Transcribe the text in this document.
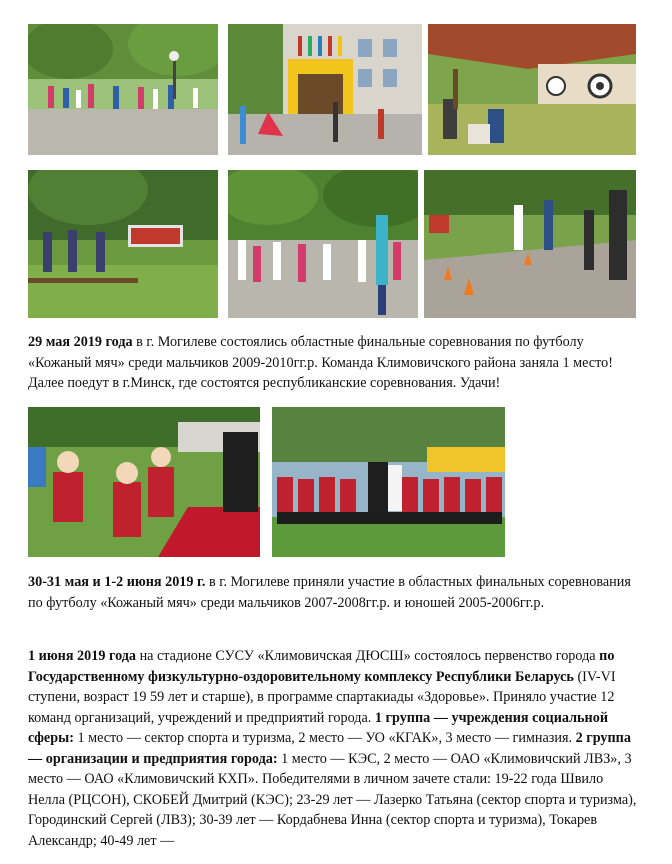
29 мая 2019 года в г. Могилеве состоялись областные финальные соревнования по футболу «Кожаный мяч» среди мальчиков 2009-2010гг.р. Команда Климовичского района заняла 1 место! Далее поедут в г.Минск, где состоятся республиканские соревнования. Удачи!

30-31 мая и 1-2 июня 2019 г. в г. Могилеве приняли участие в областных финальных соревнования по футболу «Кожаный мяч» среди мальчиков 2007-2008гг.р. и юношей 2005-2006гг.р.

1 июня 2019 года на стадионе СУСУ «Климовичская ДЮСШ» состоялось первенство города по Государственному физкультурно-оздоровительному комплексу Республики Беларусь (IV-VI ступени, возраст 19 59 лет и старше), в программе спартакиады «Здоровье». Приняло участие 12 команд организаций, учреждений и предприятий города. 1 группа — учреждения социальной сферы: 1 место — сектор спорта и туризма, 2 место — УО «КГАК», 3 место — гимназия. 2 группа — организации и предприятия города: 1 место — КЭС, 2 место — ОАО «Климовичский ЛВЗ», 3 место — ОАО «Климовичский КХП». Победителями в личном зачете стали: 19-22 года Швило Нелла (РЦСОН), СКОБЕЙ Дмитрий (КЭС); 23-29 лет — Лазерко Татьяна (сектор спорта и туризма), Городинский Сергей (ЛВЗ); 30-39 лет — Кордабнева Инна (сектор спорта и туризма), Токарев Александр; 40-49 лет —
